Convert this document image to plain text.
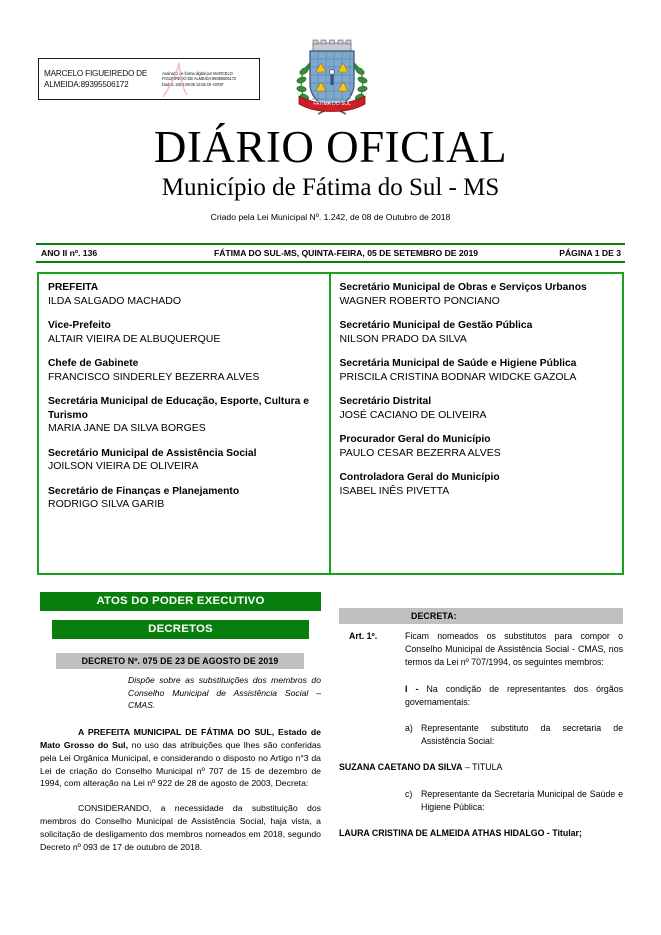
MARCELO FIGUEIREDO DE ALMEIDA:89395506172
Assinado de forma digital por MARCELO
FIGUEIREDO DE ALMEIDA:89395506172
Dados: 2019.09.05 12:55:19 -04'00'
FATIMA DO SUL
DIÁRIO OFICIAL
Município de Fátima do Sul - MS
Criado pela Lei Municipal Nº. 1.242, de 08 de Outubro de 2018
ANO II nº. 136	FÁTIMA DO SUL-MS, QUINTA-FEIRA, 05 DE SETEMBRO DE 2019	PÁGINA 1 DE 3
PREFEITA
ILDA SALGADO MACHADO
Vice-Prefeito
ALTAIR VIEIRA DE ALBUQUERQUE
Chefe de Gabinete
FRANCISCO SINDERLEY BEZERRA ALVES
Secretária Municipal de Educação, Esporte, Cultura e Turismo
MARIA JANE DA SILVA BORGES
Secretário Municipal de Assistência Social
JOILSON VIEIRA DE OLIVEIRA
Secretário de Finanças e Planejamento
RODRIGO SILVA GARIB
Secretário Municipal de Obras e Serviços Urbanos
WAGNER ROBERTO PONCIANO
Secretário Municipal de Gestão Pública
NILSON PRADO DA SILVA
Secretária Municipal de Saúde e Higiene Pública
PRISCILA CRISTINA BODNAR WIDCKE GAZOLA
Secretário Distrital
JOSÉ CACIANO DE OLIVEIRA
Procurador Geral do Município
PAULO CESAR BEZERRA ALVES
Controladora Geral do Município
ISABEL INÊS PIVETTA
ATOS DO PODER EXECUTIVO
DECRETOS
DECRETO Nº. 075 DE 23 DE AGOSTO DE 2019
Dispõe sobre as substituições dos membros do Conselho Municipal de Assistência Social – CMAS.
A PREFEITA MUNICIPAL DE FÁTIMA DO SUL, Estado de Mato Grosso do Sul, no uso das atribuições que lhes são conferidas pela Lei Orgânica Municipal, e considerando o disposto no Artigo n°3 da Lei de criação do Conselho Municipal nº 707 de 15 de dezembro de 1994, com alteração na Lei nº 922 de 28 de agosto de 2003, Decreta:
CONSIDERANDO, a necessidade da substituição dos membros do Conselho Municipal de Assistência Social, haja vista, a solicitação de desligamento dos membros nomeados em 2018, segundo Decreto nº 093 de 17 de outubro de 2018.
DECRETA:
Art. 1º.	Ficam nomeados os substitutos para compor o Conselho Municipal de Assistência Social - CMAS, nos termos da Lei nº 707/1994, os seguintes membros:
I - Na condição de representantes dos órgãos governamentais:
a) Representante substituto da secretaria de Assistência Social:
SUZANA CAETANO DA SILVA – TITULA
c) Representante da Secretaria Municipal de Saúde e Higiene Pública:
LAURA CRISTINA DE ALMEIDA ATHAS HIDALGO - Titular;
